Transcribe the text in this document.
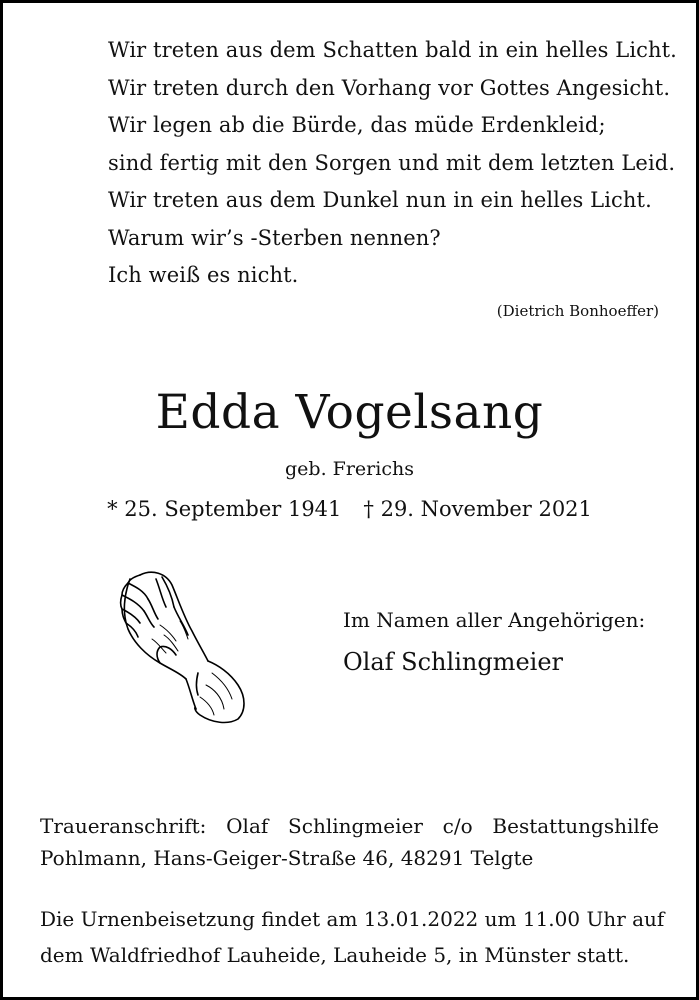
Wir treten aus dem Schatten bald in ein helles Licht.
Wir treten durch den Vorhang vor Gottes Angesicht.
Wir legen ab die Bürde, das müde Erdenkleid;
sind fertig mit den Sorgen und mit dem letzten Leid.
Wir treten aus dem Dunkel nun in ein helles Licht.
Warum wir’s -Sterben nennen?
Ich weiß es nicht.
(Dietrich Bonhoeffer)
Edda Vogelsang
geb. Frerichs
* 25. September 1941 † 29. November 2021
Im Namen aller Angehörigen:
Olaf Schlingmeier
Traueranschrift: Olaf Schlingmeier c/o Bestattungshilfe
Pohlmann, Hans-Geiger-Straße 46, 48291 Telgte
Die Urnenbeisetzung findet am 13.01.2022 um 11.00 Uhr auf
dem Waldfriedhof Lauheide, Lauheide 5, in Münster statt.
